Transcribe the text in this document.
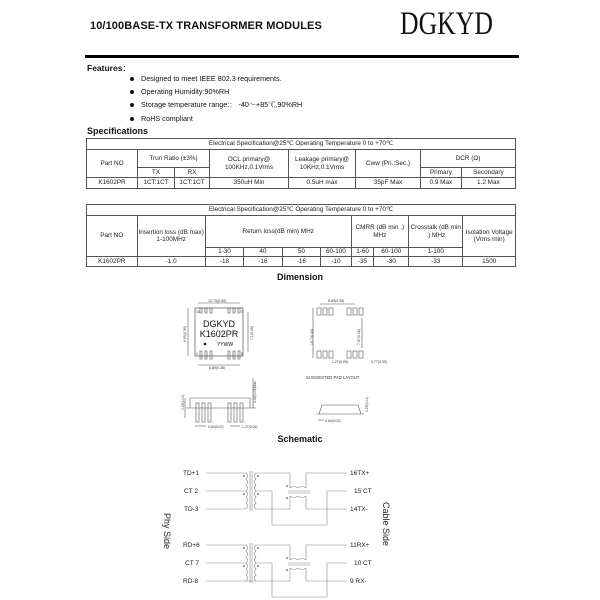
10/100BASE-TX TRANSFORMER MODULES DGKYD
Features：
Designed to meet IEEE 802.3 requirements.
Operating Humidity:90%RH
Storage temperature range:： -40～+85℃,90%RH
RoHS compliant
Specifications
Electrical Specification@25℃ Operating Temperature 0 to +70℃							
Part NO	Trun Ratio (±3%)		OCL primary@ 100KHz,0.1Vrms	Leakage primary@ 10KHz,0.1Vrms	Cww (Pri.:Sec.)	DCR (Ω)	
	TX	RX				Primary	Secondary
K1602PR	1CT:1CT	1CT:1CT	350uH Min	0.5uH max	35pF Max	0.9 Max	1.2 Max
Electrical Specification@25℃ Operating Temperature 0 to +70℃									
Part NO	Insertion loss (dB max) 1-100MHz	Return loss(dB min) MHz				CMRR (dB min .) MHz		Crosstalk (dB min .) MHz	Isolation Voltage (Vrms min)
		1-30	40	50	60-100	1-60	60-100	1-100	
K1602PR	-1.0	-18	-16	-16	-10	-35	-30	-33	1500
Dimension
12.70(0.50)
16	9
1	8
DGKYD
K1602PR
YYWW
9.90(0.39)	7.1(0.28)
8.89(0.35)
8.89(0.35)
16.7(0.45)	7.87(0.28)
1.27(0.05)	0.77(0.30)
SUGGESTED PAD LAYOUT
0.25(0.01)	2.35(0.09)Max
0.60(0.02)	1.27(0.05)
0.25(0.01)
0.60(0.02)
Schematic
Phy Side	Cable Side
TD+1
CT 2
TD-3
16TX+
15 CT
14TX-
RD+6
CT 7
RD-8
11RX+
10 CT
9 RX-
